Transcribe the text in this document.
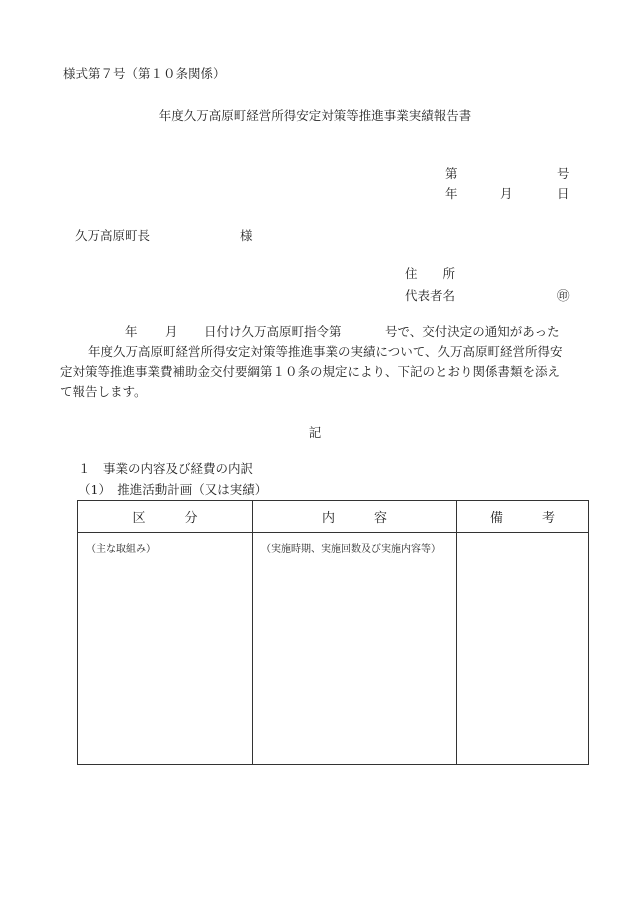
様式第７号（第１０条関係）
年度久万高原町経営所得安定対策等推進事業実績報告書
第	号
年	月	日
久万高原町長	様
住　　所
代表者名	㊞
年 月 日付け久万高原町指令第	号で、交付決定の通知があった
年度久万高原町経営所得安定対策等推進事業の実績について、久万高原町経営所得安
定対策等推進事業費補助金交付要綱第１０条の規定により、下記のとおり関係書類を添え
て報告します。
記
１　事業の内容及び経費の内訳
（1）　推進活動計画（又は実績）
区　　　分	内　　　容	備　　　考
（主な取組み）	（実施時期、実施回数及び実施内容等）	
